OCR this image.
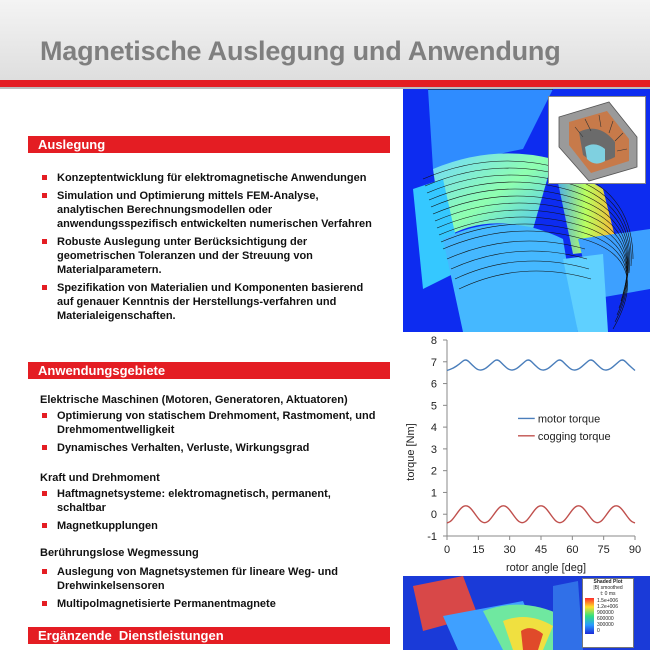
Magnetische Auslegung und Anwendung
Auslegung
Konzeptentwicklung für elektromagnetische Anwendungen
Simulation und Optimierung mittels FEM-Analyse, analytischen Berechnungsmodellen oder anwendungsspezifisch entwickelten numerischen Verfahren
Robuste Auslegung unter Berücksichtigung der geometrischen Toleranzen und der Streuung von Materialparametern.
Spezifikation von Materialien und Komponenten basierend auf genauer Kenntnis der Herstellungs-verfahren und Materialeigenschaften.
Anwendungsgebiete
Elektrische Maschinen (Motoren, Generatoren, Aktuatoren)
Optimierung von statischem Drehmoment, Rastmoment, und Drehmomentwelligkeit
Dynamisches Verhalten, Verluste, Wirkungsgrad
Kraft und Drehmoment
Haftmagnetsysteme: elektromagnetisch, permanent, schaltbar
Magnetkupplungen
Berührungslose Wegmessung
Auslegung von Magnetsystemen für lineare Weg- und Drehwinkelsensoren
Multipolmagnetisierte Permanentmagnete
Ergänzende  Dienstleistungen
torque [Nm]
rotor angle [deg]
-1
0
1
2
3
4
5
6
7
8
0 15 30 45 60 75 90
motor torque
cogging torque
Shaded Plot
|B| smoothed
t: 0 ms
1.5e+006
1.2e+006
900000
600000
300000
0
